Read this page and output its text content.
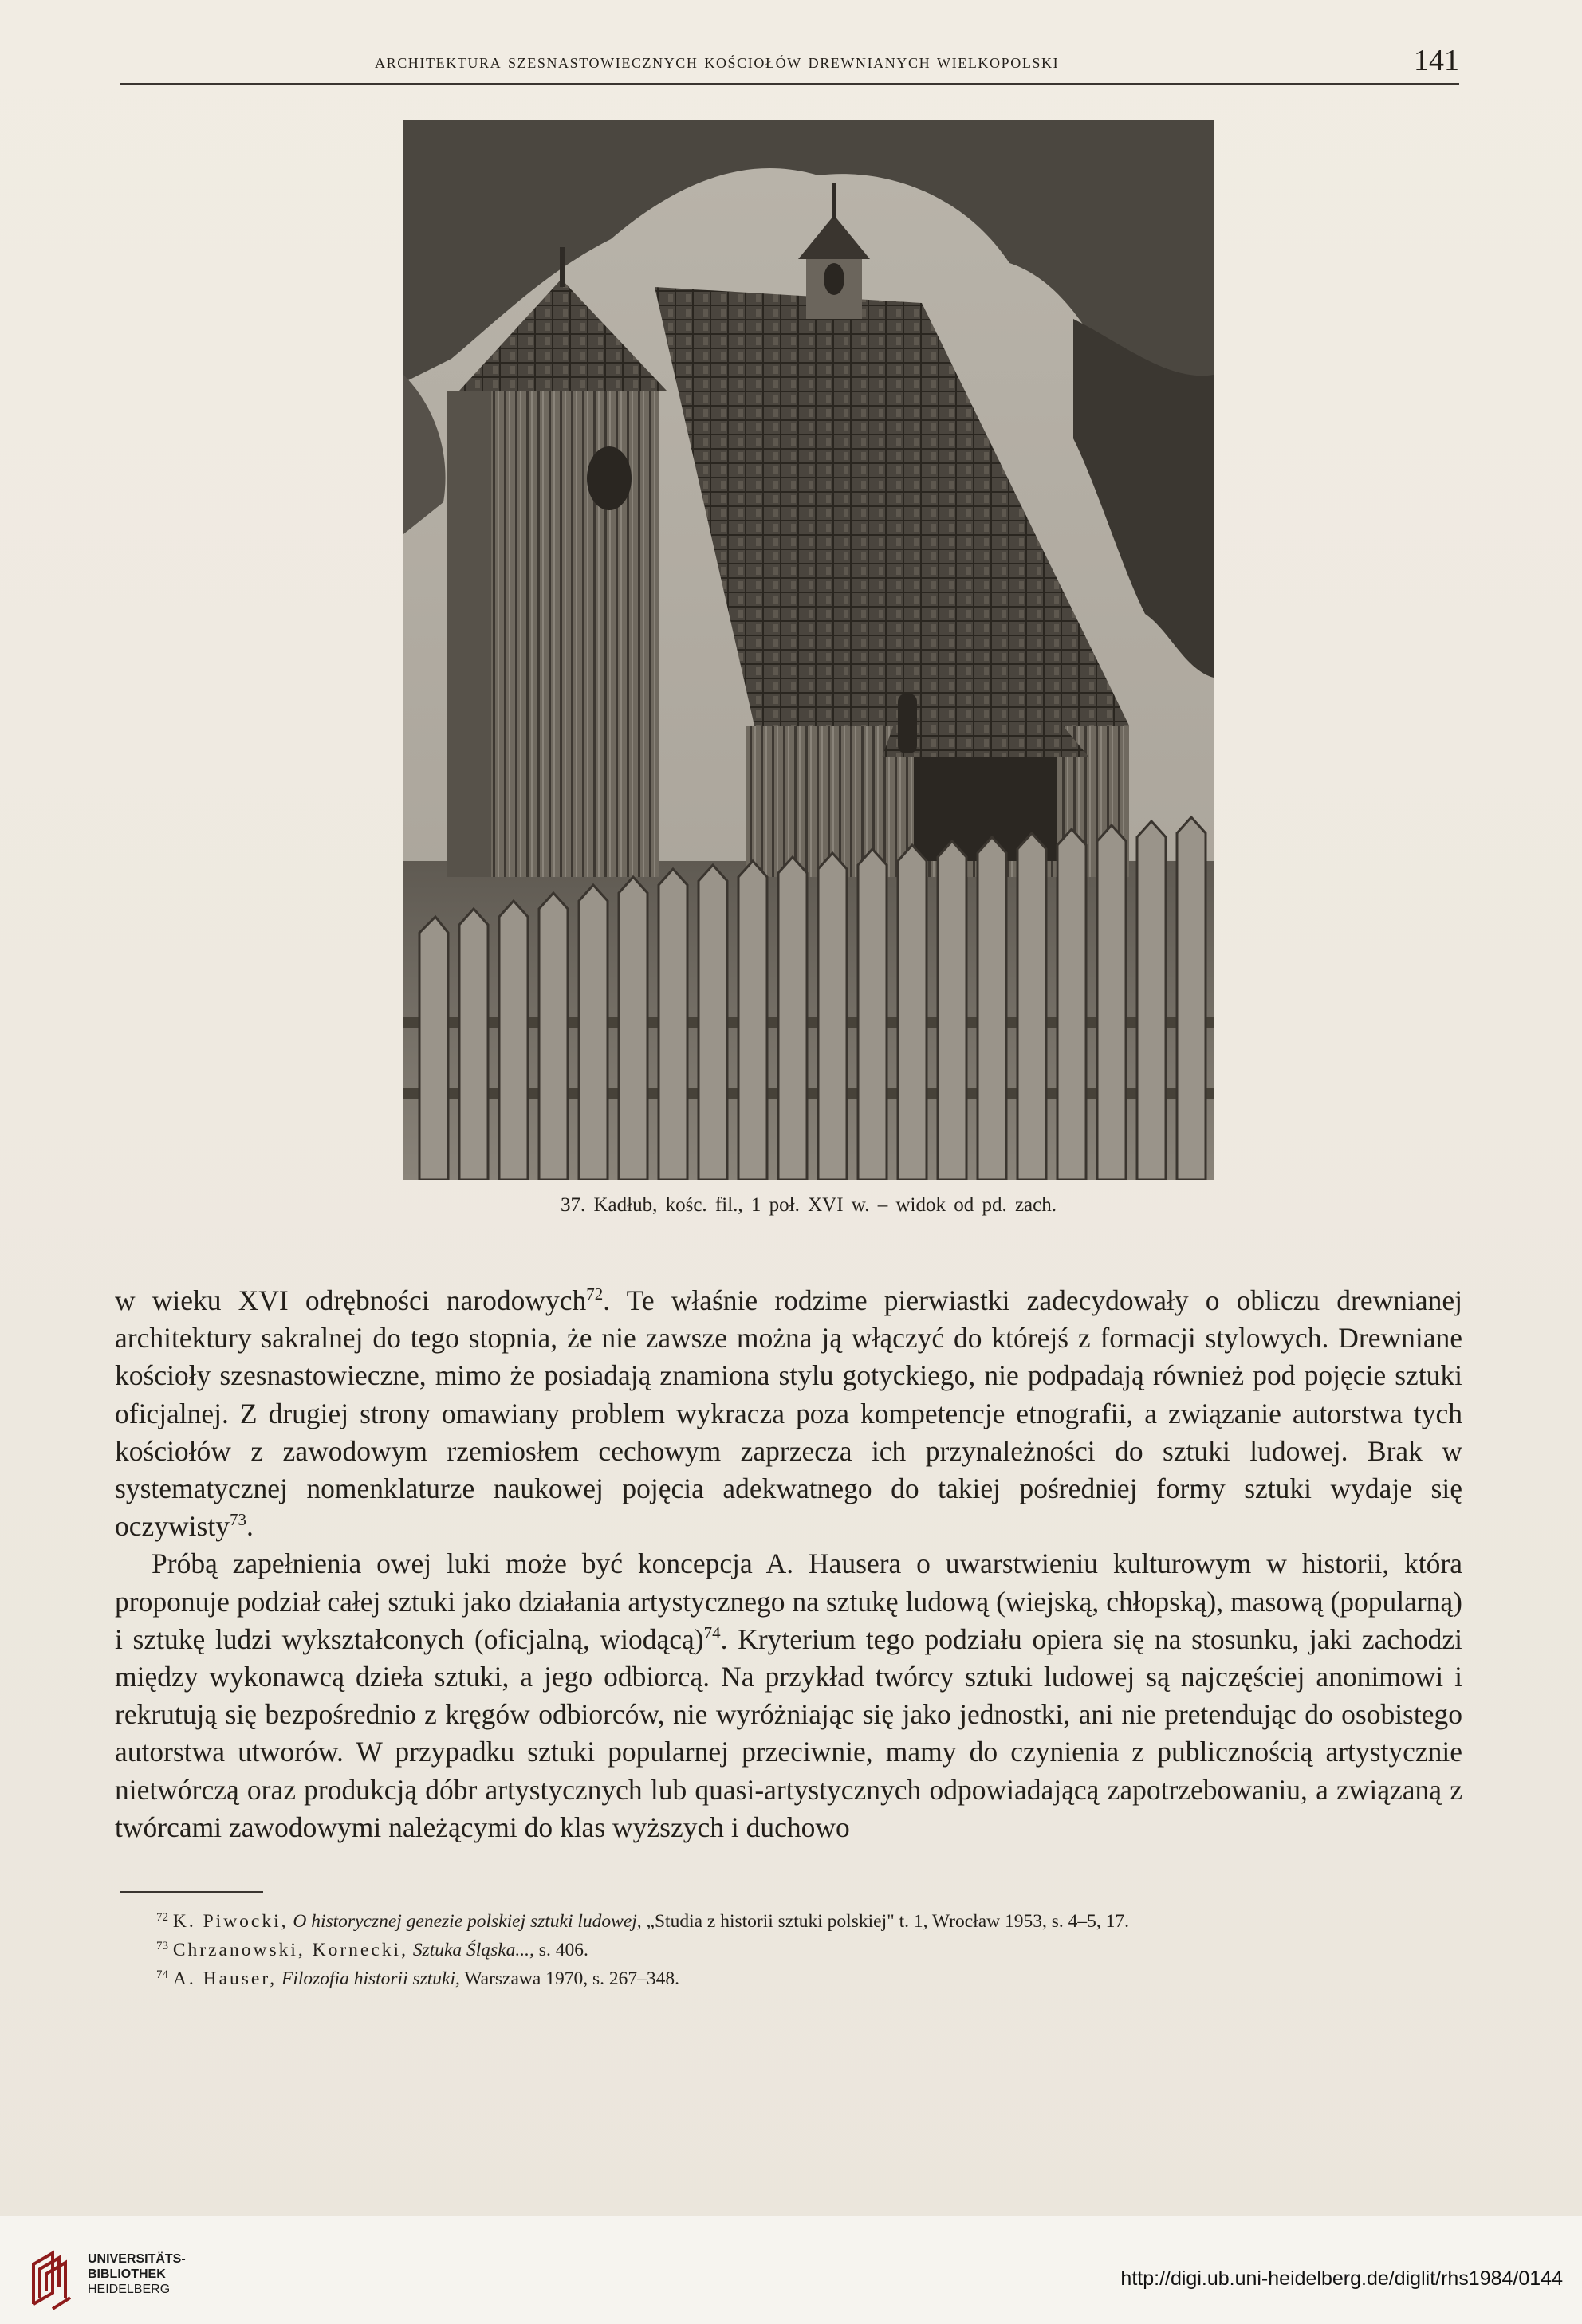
architektura szesnastowiecznych kościołów drewnianych wielkopolski	141
37. Kadłub, kośc. fil., 1 poł. XVI w. – widok od pd. zach.

w wieku XVI odrębności narodowych$^{72}$. Te właśnie rodzime pierwiastki zadecydowały o obliczu drewnianej architektury sakralnej do tego stopnia, że nie zawsze można ją włączyć do którejś z formacji stylowych. Drewniane kościoły szesnastowieczne, mimo że posiadają znamiona stylu gotyckiego, nie podpadają również pod pojęcie sztuki oficjalnej. Z drugiej strony omawiany problem wykracza poza kompetencje etnografii, a związanie autorstwa tych kościołów z zawodowym rzemiosłem cechowym zaprzecza ich przynależności do sztuki ludowej. Brak w systematycznej nomenklaturze naukowej pojęcia adekwatnego do takiej pośredniej formy sztuki wydaje się oczywisty$^{73}$.

Próbą zapełnienia owej luki może być koncepcja A. Hausera o uwarstwieniu kulturowym w historii, która proponuje podział całej sztuki jako działania artystycznego na sztukę ludową (wiejską, chłopską), masową (popularną) i sztukę ludzi wykształconych (oficjalną, wiodącą)$^{74}$. Kryterium tego podziału opiera się na stosunku, jaki zachodzi między wykonawcą dzieła sztuki, a jego odbiorcą. Na przykład twórcy sztuki ludowej są najczęściej anonimowi i rekrutują się bezpośrednio z kręgów odbiorców, nie wyróżniając się jako jednostki, ani nie pretendując do osobistego autorstwa utworów. W przypadku sztuki popularnej przeciwnie, mamy do czynienia z publicznością artystycznie nietwórczą oraz produkcją dóbr artystycznych lub quasi-artystycznych odpowiadającą zapotrzebowaniu, a związaną z twórcami zawodowymi należącymi do klas wyższych i duchowo

$^{72}$ K. Piwocki, O historycznej genezie polskiej sztuki ludowej, „Studia z historii sztuki polskiej" t. 1, Wrocław 1953, s. 4–5, 17.

$^{73}$ Chrzanowski, Kornecki, Sztuka Śląska..., s. 406.

$^{74}$ A. Hauser, Filozofia historii sztuki, Warszawa 1970, s. 267–348.

UNIVERSITÄTS-
BIBLIOTHEK
HEIDELBERG	http://digi.ub.uni-heidelberg.de/diglit/rhs1984/0144
